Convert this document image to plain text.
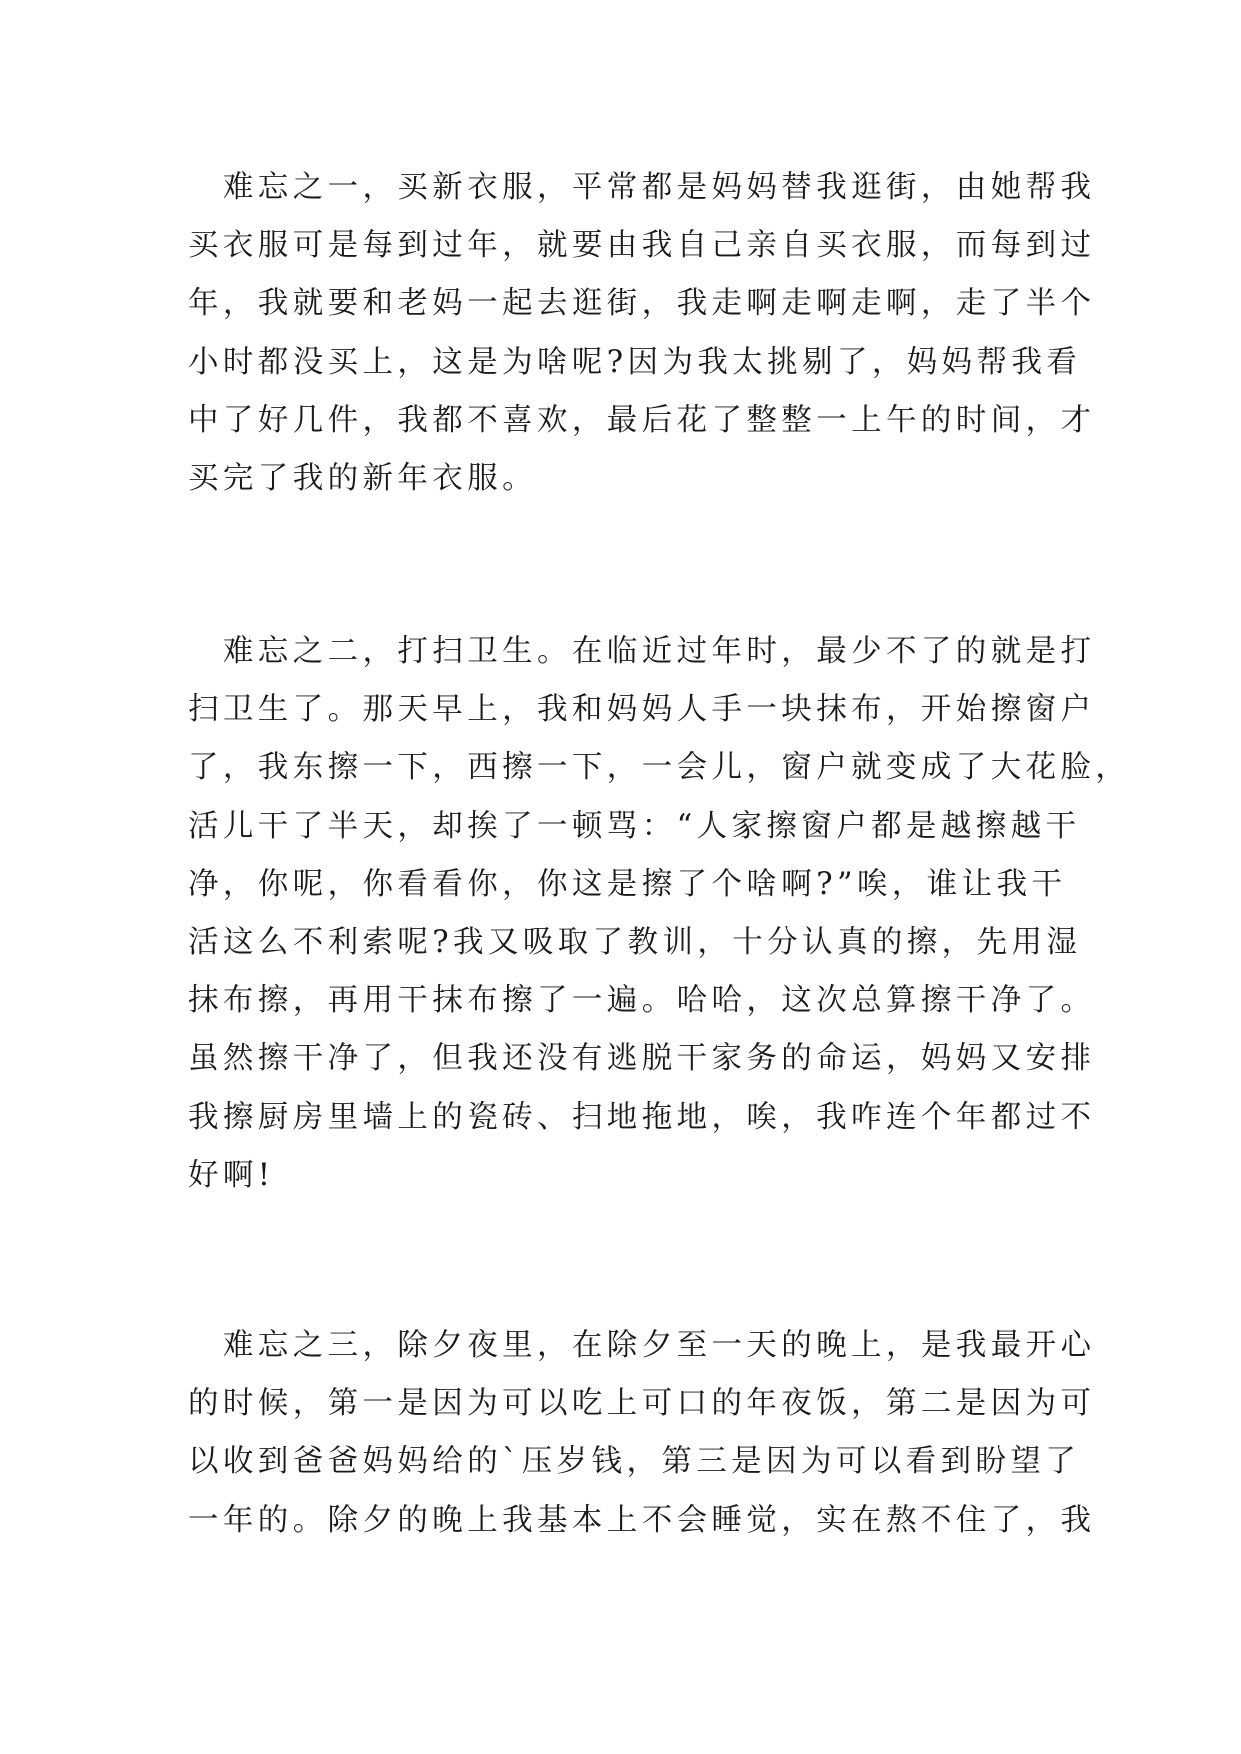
　难忘之一，买新衣服，平常都是妈妈替我逛街，由她帮我
买衣服可是每到过年，就要由我自己亲自买衣服，而每到过
年，我就要和老妈一起去逛街，我走啊走啊走啊，走了半个
小时都没买上，这是为啥呢?因为我太挑剔了，妈妈帮我看
中了好几件，我都不喜欢，最后花了整整一上午的时间，才
买完了我的新年衣服。
　难忘之二，打扫卫生。在临近过年时，最少不了的就是打
扫卫生了。那天早上，我和妈妈人手一块抹布，开始擦窗户
了，我东擦一下，西擦一下，一会儿，窗户就变成了大花脸，
活儿干了半天，却挨了一顿骂：“人家擦窗户都是越擦越干
净，你呢，你看看你，你这是擦了个啥啊?”唉，谁让我干
活这么不利索呢?我又吸取了教训，十分认真的擦，先用湿
抹布擦，再用干抹布擦了一遍。哈哈，这次总算擦干净了。
虽然擦干净了，但我还没有逃脱干家务的命运，妈妈又安排
我擦厨房里墙上的瓷砖、扫地拖地，唉，我咋连个年都过不
好啊!
　难忘之三，除夕夜里，在除夕至一天的晚上，是我最开心
的时候，第一是因为可以吃上可口的年夜饭，第二是因为可
以收到爸爸妈妈给的`压岁钱，第三是因为可以看到盼望了
一年的。除夕的晚上我基本上不会睡觉，实在熬不住了，我
